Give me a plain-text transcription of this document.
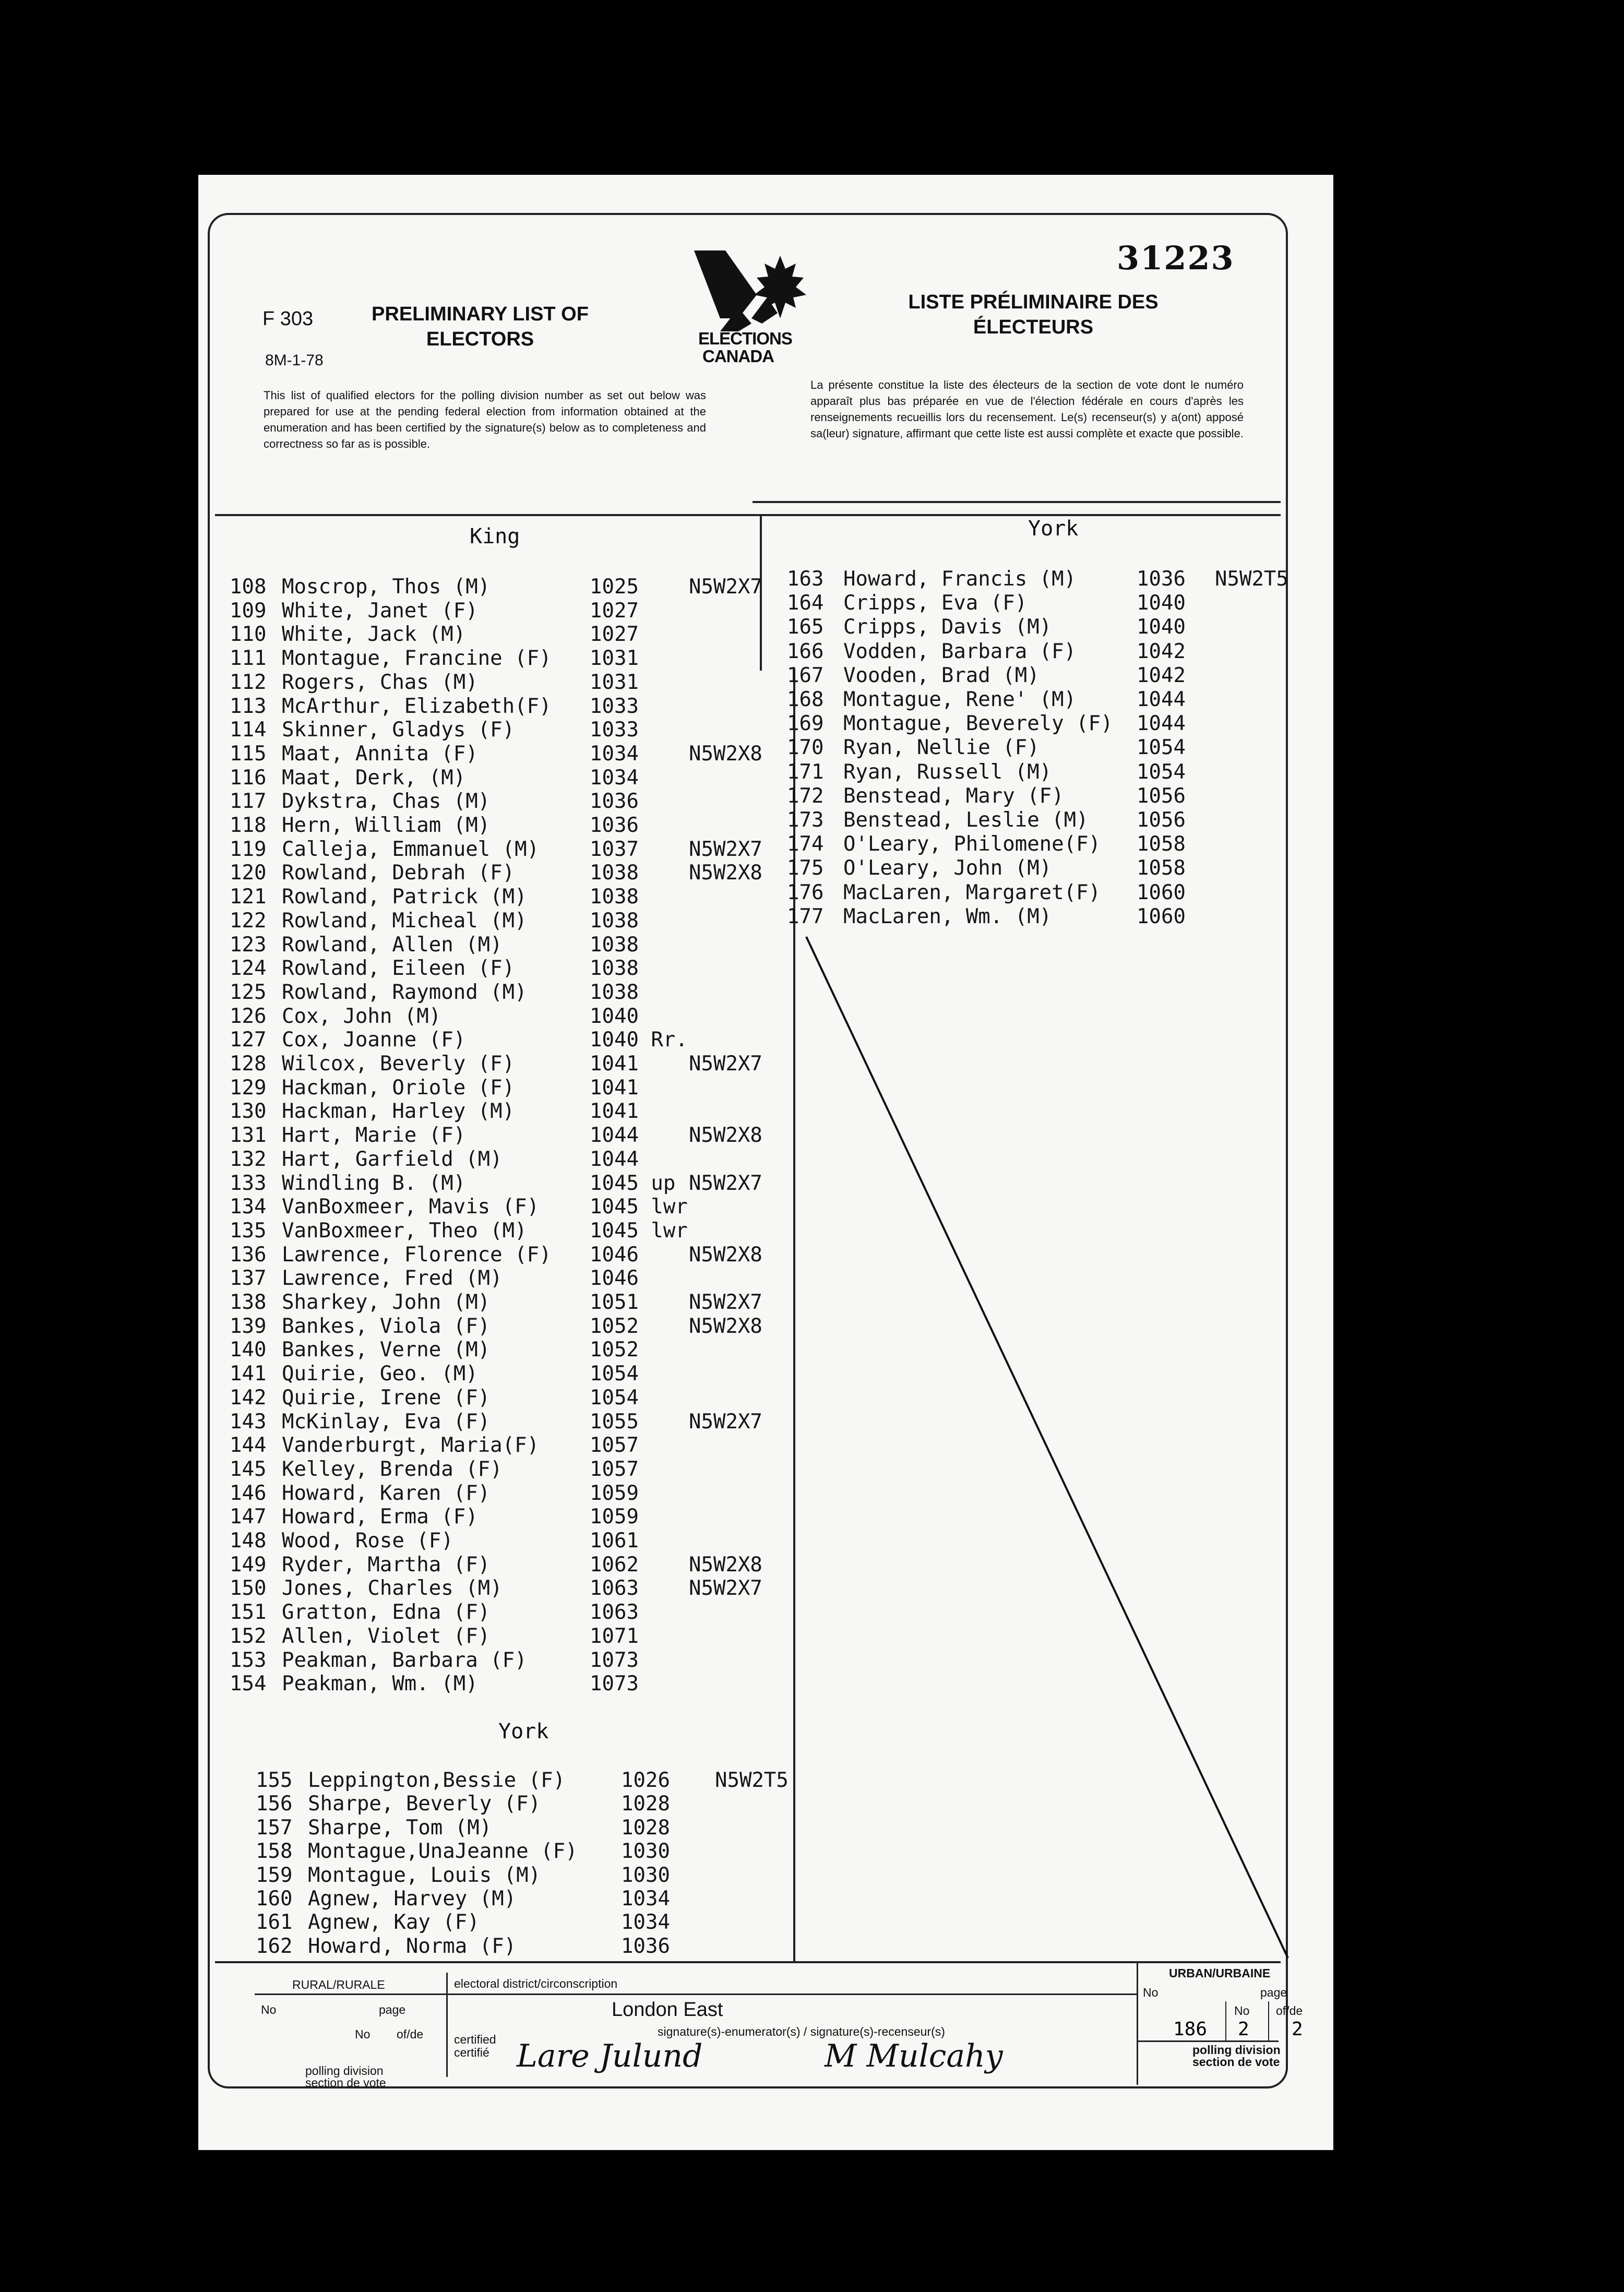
F 303
8M-1-78
PRELIMINARY LIST OF
ELECTORS
LISTE PRÉLIMINAIRE DES
ÉLECTEURS
31223
ELECTIONS
CANADA
This list of qualified electors for the polling division number as set out below was prepared for use at the pending federal election from information obtained at the enumeration and has been certified by the signature(s) below as to completeness and correctness so far as is possible.
La présente constitue la liste des électeurs de la section de vote dont le numéro apparaît plus bas préparée en vue de l'élection fédérale en cours d'après les renseignements recueillis lors du recensement. Le(s) recenseur(s) y a(ont) apposé sa(leur) signature, affirmant que cette liste est aussi complète et exacte que possible.
King	York
York
108 Moscrop, Thos (M)	1025 N5W2X7
109 White, Janet (F)	1027
110 White, Jack (M)	1027
111 Montague, Francine (F) 1031
112 Rogers, Chas (M)	1031
113 McArthur, Elizabeth(F) 1033
114 Skinner, Gladys (F)	1033
115 Maat, Annita (F)	1034 N5W2X8
116 Maat, Derk, (M)	1034
117 Dykstra, Chas (M)	1036
118 Hern, William (M)	1036
119 Calleja, Emmanuel (M) 1037 N5W2X7
120 Rowland, Debrah (F)	1038 N5W2X8
121 Rowland, Patrick (M)	1038
122 Rowland, Micheal (M)	1038
123 Rowland, Allen (M)	1038
124 Rowland, Eileen (F)	1038
125 Rowland, Raymond (M)	1038
126 Cox, John (M)	1040
127 Cox, Joanne (F)	1040 Rr.
128 Wilcox, Beverly (F)	1041 N5W2X7
129 Hackman, Oriole (F)	1041
130 Hackman, Harley (M)	1041
131 Hart, Marie (F)	1044 N5W2X8
132 Hart, Garfield (M)	1044
133 Windling B. (M)	1045 up N5W2X7
134 VanBoxmeer, Mavis (F) 1045 lwr
135 VanBoxmeer, Theo (M)	1045 lwr
136 Lawrence, Florence (F) 1046 N5W2X8
137 Lawrence, Fred (M)	1046
138 Sharkey, John (M)	1051 N5W2X7
139 Bankes, Viola (F)	1052 N5W2X8
140 Bankes, Verne (M)	1052
141 Quirie, Geo. (M)	1054
142 Quirie, Irene (F)	1054
143 McKinlay, Eva (F)	1055 N5W2X7
144 Vanderburgt, Maria(F) 1057
145 Kelley, Brenda (F)	1057
146 Howard, Karen (F)	1059
147 Howard, Erma (F)	1059
148 Wood, Rose (F)	1061
149 Ryder, Martha (F)	1062 N5W2X8
150 Jones, Charles (M)	1063 N5W2X7
151 Gratton, Edna (F)	1063
152 Allen, Violet (F)	1071
153 Peakman, Barbara (F)	1073
154 Peakman, Wm. (M)	1073
155 Leppington,Bessie (F)	1026 N5W2T5
156 Sharpe, Beverly (F)	1028
157 Sharpe, Tom (M)	1028
158 Montague,UnaJeanne (F) 1030
159 Montague, Louis (M)	1030
160 Agnew, Harvey (M)	1034
161 Agnew, Kay (F)	1034
162 Howard, Norma (F)	1036
163 Howard, Francis (M)	1036 N5W2T5
164 Cripps, Eva (F)	1040
165 Cripps, Davis (M)	1040
166 Vodden, Barbara (F)	1042
167 Vooden, Brad (M)	1042
168 Montague, Rene' (M)	1044
169 Montague, Beverely (F) 1044
170 Ryan, Nellie (F)	1054
171 Ryan, Russell (M)	1054
172 Benstead, Mary (F)	1056
173 Benstead, Leslie (M) 1056
174 O'Leary, Philomene(F) 1058
175 O'Leary, John (M)	1058
176 MacLaren, Margaret(F) 1060
177 MacLaren, Wm. (M)	1060
RURAL/RURALE
No	page
No of/de	certified
certifié
polling division
section de vote
electoral district/circonscription
London East
signature(s)-enumerator(s) / signature(s)-recenseur(s)
Lare Julund	M Mulcahy
URBAN/URBAINE
No	page
No of/de
186 2 2
polling division
section de vote
